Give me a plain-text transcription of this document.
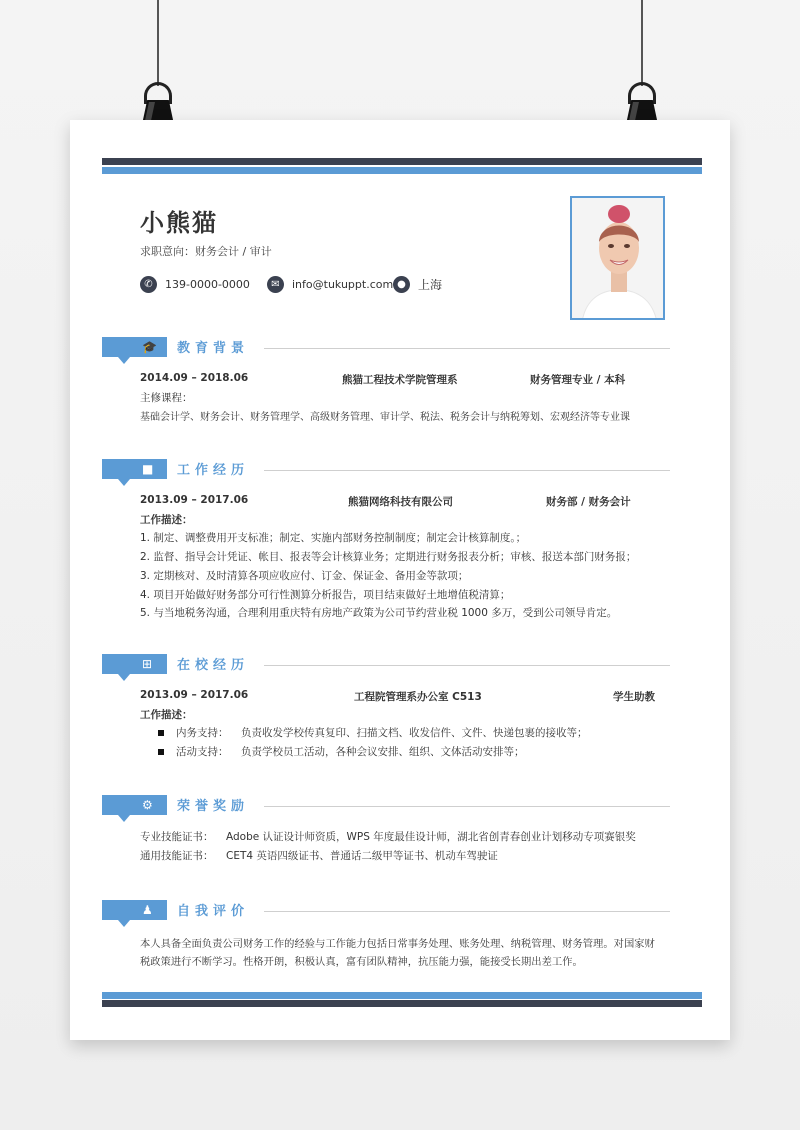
小熊猫
求职意向：财务会计 / 审计
✆	139-0000-0000	✉	info@tukuppt.com ●	上海
🎓 教育背景
2014.09 – 2018.06	熊猫工程技术学院管理系	财务管理专业 / 本科
主修课程：
基础会计学、财务会计、财务管理学、高级财务管理、审计学、税法、税务会计与纳税筹划、宏观经济等专业课
■ 工作经历
2013.09 – 2017.06	熊猫网络科技有限公司	财务部 / 财务会计
工作描述：
1. 制定、调整费用开支标准；制定、实施内部财务控制制度；制定会计核算制度。；
2. 监督、指导会计凭证、帐目、报表等会计核算业务；定期进行财务报表分析；审核、报送本部门财务报；
3. 定期核对、及时清算各项应收应付、订金、保证金、备用金等款项；
4. 项目开始做好财务部分可行性测算分析报告，项目结束做好土地增值税清算；
5. 与当地税务沟通，合理利用重庆特有房地产政策为公司节约营业税 1000 多万，受到公司领导肯定。
⊞ 在校经历
2013.09 – 2017.06	工程院管理系办公室 C513	学生助教
工作描述：
内务支持： 负责收发学校传真复印、扫描文档、收发信件、文件、快递包裹的接收等；
活动支持： 负责学校员工活动，各种会议安排、组织、文体活动安排等；
⚙ 荣誉奖励
专业技能证书： Adobe 认证设计师资质，WPS 年度最佳设计师，湖北省创青春创业计划移动专项赛银奖
通用技能证书： CET4 英语四级证书、普通话二级甲等证书、机动车驾驶证
♟ 自我评价
本人具备全面负责公司财务工作的经验与工作能力包括日常事务处理、账务处理、纳税管理、财务管理。对国家财
税政策进行不断学习。性格开朗，积极认真，富有团队精神，抗压能力强，能接受长期出差工作。
